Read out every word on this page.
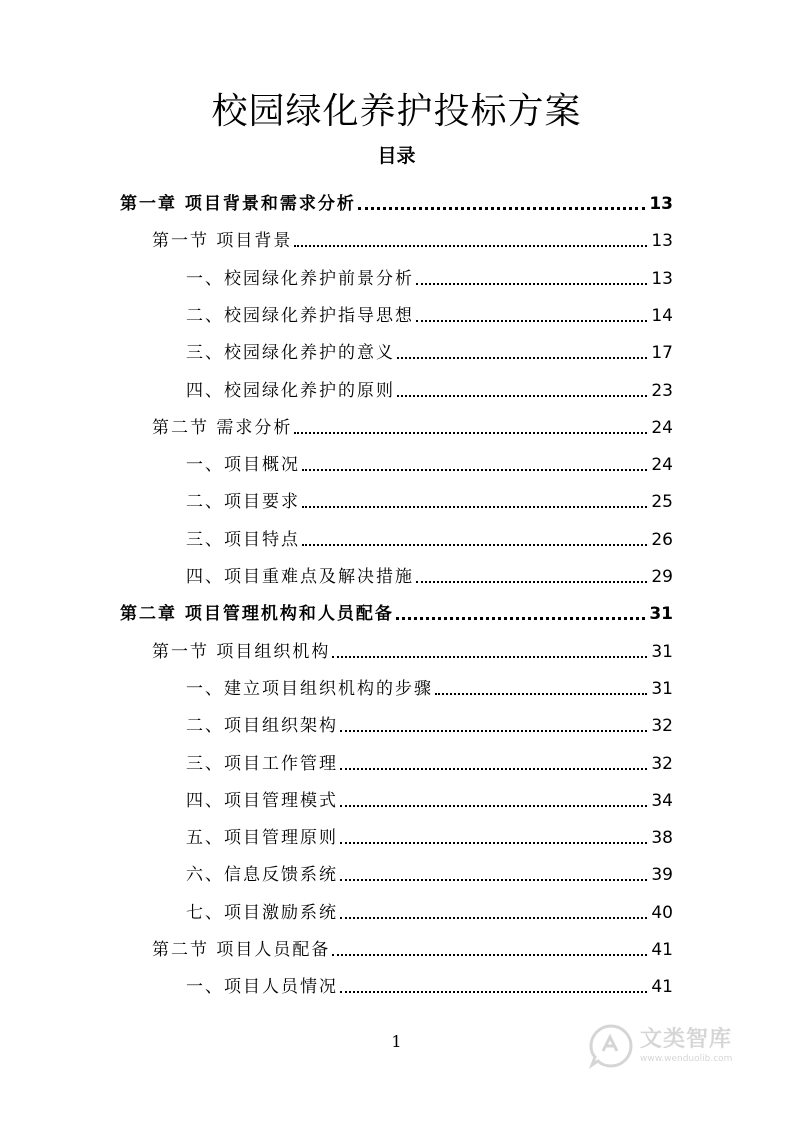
校园绿化养护投标方案
目录
第一章 项目背景和需求分析	13
第一节 项目背景	13
一、校园绿化养护前景分析	13
二、校园绿化养护指导思想	14
三、校园绿化养护的意义	17
四、校园绿化养护的原则	23
第二节 需求分析	24
一、项目概况	24
二、项目要求	25
三、项目特点	26
四、项目重难点及解决措施	29
第二章 项目管理机构和人员配备	31
第一节 项目组织机构	31
一、建立项目组织机构的步骤	31
二、项目组织架构	32
三、项目工作管理	32
四、项目管理模式	34
五、项目管理原则	38
六、信息反馈系统	39
七、项目激励系统	40
第二节 项目人员配备	41
一、项目人员情况	41
1	文类智库
www.wenduolib.com
